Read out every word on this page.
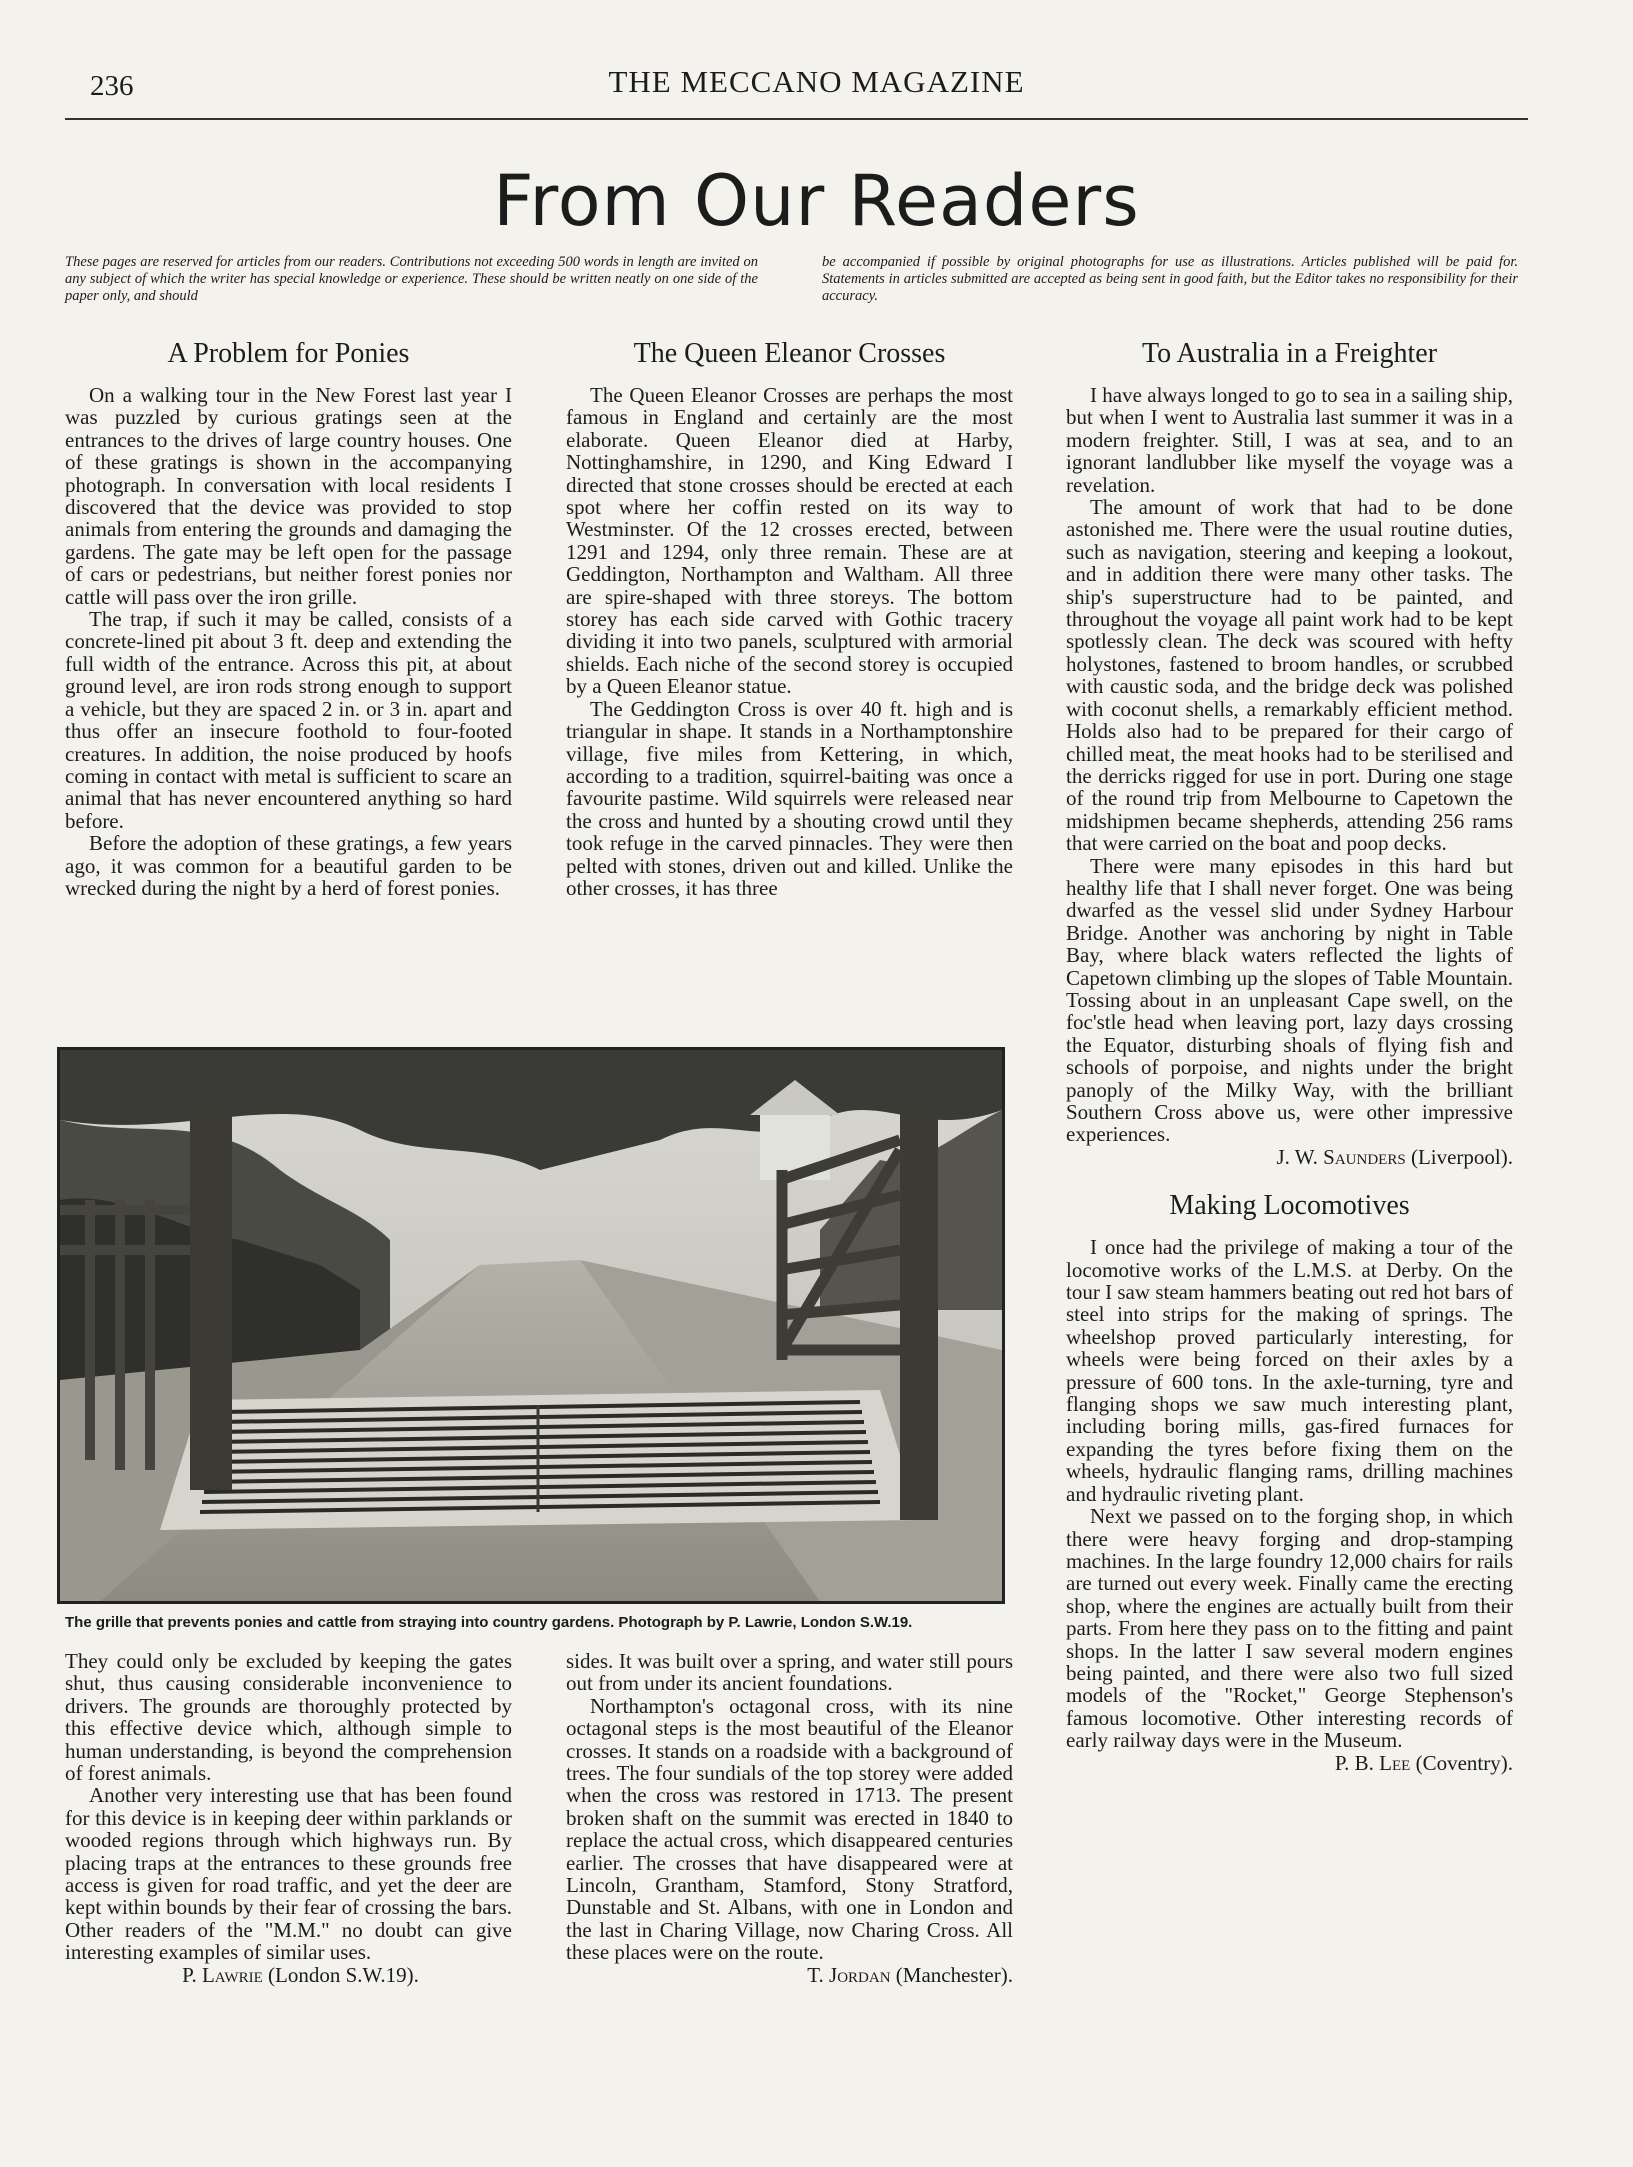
236	THE MECCANO MAGAZINE
From Our Readers
These pages are reserved for articles from our readers. Contributions not exceeding 500 words in length are invited on any subject of which the writer has special knowledge or experience. These should be written neatly on one side of the paper only, and should
be accompanied if possible by original photographs for use as illustrations. Articles published will be paid for. Statements in articles submitted are accepted as being sent in good faith, but the Editor takes no responsibility for their accuracy.
A Problem for Ponies

On a walking tour in the New Forest last year I was puzzled by curious gratings seen at the entrances to the drives of large country houses. One of these gratings is shown in the accompanying photograph. In conversation with local residents I discovered that the device was provided to stop animals from entering the grounds and damaging the gardens. The gate may be left open for the passage of cars or pedestrians, but neither forest ponies nor cattle will pass over the iron grille.

The trap, if such it may be called, consists of a concrete-lined pit about 3 ft. deep and extending the full width of the entrance. Across this pit, at about ground level, are iron rods strong enough to support a vehicle, but they are spaced 2 in. or 3 in. apart and thus offer an insecure foothold to four-footed creatures. In addition, the noise produced by hoofs coming in contact with metal is sufficient to scare an animal that has never encountered anything so hard before.

Before the adoption of these gratings, a few years ago, it was common for a beautiful garden to be wrecked during the night by a herd of forest ponies.

The Queen Eleanor Crosses

The Queen Eleanor Crosses are perhaps the most famous in England and certainly are the most elaborate. Queen Eleanor died at Harby, Nottinghamshire, in 1290, and King Edward I directed that stone crosses should be erected at each spot where her coffin rested on its way to Westminster. Of the 12 crosses erected, between 1291 and 1294, only three remain. These are at Geddington, Northampton and Waltham. All three are spire-shaped with three storeys. The bottom storey has each side carved with Gothic tracery dividing it into two panels, sculptured with armorial shields. Each niche of the second storey is occupied by a Queen Eleanor statue.

The Geddington Cross is over 40 ft. high and is triangular in shape. It stands in a Northamptonshire village, five miles from Kettering, in which, according to a tradition, squirrel-baiting was once a favourite pastime. Wild squirrels were released near the cross and hunted by a shouting crowd until they took refuge in the carved pinnacles. They were then pelted with stones, driven out and killed. Unlike the other crosses, it has three

To Australia in a Freighter

I have always longed to go to sea in a sailing ship, but when I went to Australia last summer it was in a modern freighter. Still, I was at sea, and to an ignorant landlubber like myself the voyage was a revelation.

The amount of work that had to be done astonished me. There were the usual routine duties, such as navigation, steering and keeping a lookout, and in addition there were many other tasks. The ship's superstructure had to be painted, and throughout the voyage all paint work had to be kept spotlessly clean. The deck was scoured with hefty holystones, fastened to broom handles, or scrubbed with caustic soda, and the bridge deck was polished with coconut shells, a remarkably efficient method. Holds also had to be prepared for their cargo of chilled meat, the meat hooks had to be sterilised and the derricks rigged for use in port. During one stage of the round trip from Melbourne to Capetown the midshipmen became shepherds, attending 256 rams that were carried on the boat and poop decks.

There were many episodes in this hard but healthy life that I shall never forget. One was being dwarfed as the vessel slid under Sydney Harbour Bridge. Another was anchoring by night in Table Bay, where black waters reflected the lights of Capetown climbing up the slopes of Table Mountain. Tossing about in an unpleasant Cape swell, on the foc'stle head when leaving port, lazy days crossing the Equator, disturbing shoals of flying fish and schools of porpoise, and nights under the bright panoply of the Milky Way, with the brilliant Southern Cross above us, were other impressive experiences.

J. W. Saunders (Liverpool).

Making Locomotives

I once had the privilege of making a tour of the locomotive works of the L.M.S. at Derby. On the tour I saw steam hammers beating out red hot bars of steel into strips for the making of springs. The wheelshop proved particularly interesting, for wheels were being forced on their axles by a pressure of 600 tons. In the axle-turning, tyre and flanging shops we saw much interesting plant, including boring mills, gas-fired furnaces for expanding the tyres before fixing them on the wheels, hydraulic flanging rams, drilling machines and hydraulic riveting plant.

Next we passed on to the forging shop, in which there were heavy forging and drop-stamping machines. In the large foundry 12,000 chairs for rails are turned out every week. Finally came the erecting shop, where the engines are actually built from their parts. From here they pass on to the fitting and paint shops. In the latter I saw several modern engines being painted, and there were also two full sized models of the "Rocket," George Stephenson's famous locomotive. Other interesting records of early railway days were in the Museum.

P. B. Lee (Coventry).

The grille that prevents ponies and cattle from straying into country gardens. Photograph by P. Lawrie, London S.W.19.

They could only be excluded by keeping the gates shut, thus causing considerable inconvenience to drivers. The grounds are thoroughly protected by this effective device which, although simple to human understanding, is beyond the comprehension of forest animals.

Another very interesting use that has been found for this device is in keeping deer within parklands or wooded regions through which highways run. By placing traps at the entrances to these grounds free access is given for road traffic, and yet the deer are kept within bounds by their fear of crossing the bars. Other readers of the "M.M." no doubt can give interesting examples of similar uses.

P. Lawrie (London S.W.19).

sides. It was built over a spring, and water still pours out from under its ancient foundations.

Northampton's octagonal cross, with its nine octagonal steps is the most beautiful of the Eleanor crosses. It stands on a roadside with a background of trees. The four sundials of the top storey were added when the cross was restored in 1713. The present broken shaft on the summit was erected in 1840 to replace the actual cross, which disappeared centuries earlier. The crosses that have disappeared were at Lincoln, Grantham, Stamford, Stony Stratford, Dunstable and St. Albans, with one in London and the last in Charing Village, now Charing Cross. All these places were on the route.

T. Jordan (Manchester).
